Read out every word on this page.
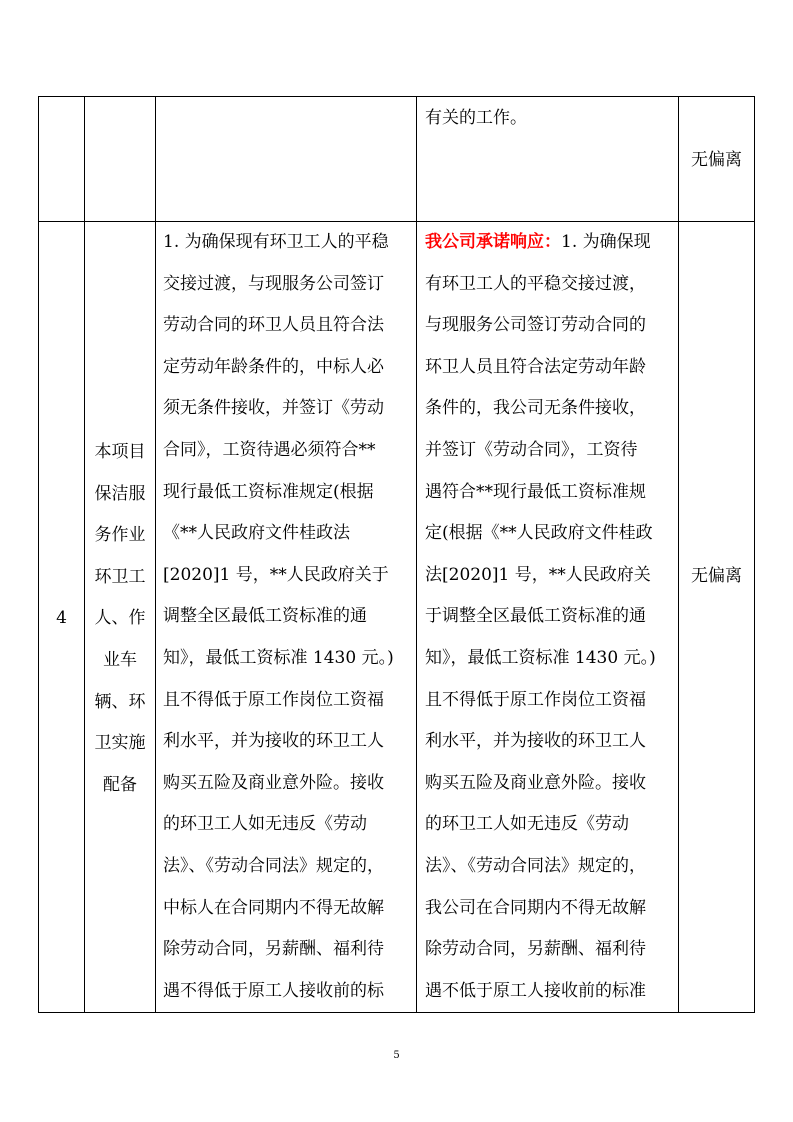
有关的工作。
无偏离
4
本项目
保洁服
务作业
环卫工
人、作
业车
辆、环
卫实施
配备
1. 为确保现有环卫工人的平稳
交接过渡，与现服务公司签订
劳动合同的环卫人员且符合法
定劳动年龄条件的，中标人必
须无条件接收，并签订《劳动
合同》，工资待遇必须符合**
现行最低工资标准规定(根据
《**人民政府文件桂政法
[2020]1 号，**人民政府关于
调整全区最低工资标准的通
知》，最低工资标准 1430 元。)
且不得低于原工作岗位工资福
利水平，并为接收的环卫工人
购买五险及商业意外险。接收
的环卫工人如无违反《劳动
法》、《劳动合同法》规定的，
中标人在合同期内不得无故解
除劳动合同，另薪酬、福利待
遇不得低于原工人接收前的标
我公司承诺响应：1. 为确保现
有环卫工人的平稳交接过渡，
与现服务公司签订劳动合同的
环卫人员且符合法定劳动年龄
条件的，我公司无条件接收，
并签订《劳动合同》，工资待
遇符合**现行最低工资标准规
定(根据《**人民政府文件桂政
法[2020]1 号，**人民政府关
于调整全区最低工资标准的通
知》，最低工资标准 1430 元。)
且不得低于原工作岗位工资福
利水平，并为接收的环卫工人
购买五险及商业意外险。接收
的环卫工人如无违反《劳动
法》、《劳动合同法》规定的，
我公司在合同期内不得无故解
除劳动合同，另薪酬、福利待
遇不低于原工人接收前的标准
无偏离
5
